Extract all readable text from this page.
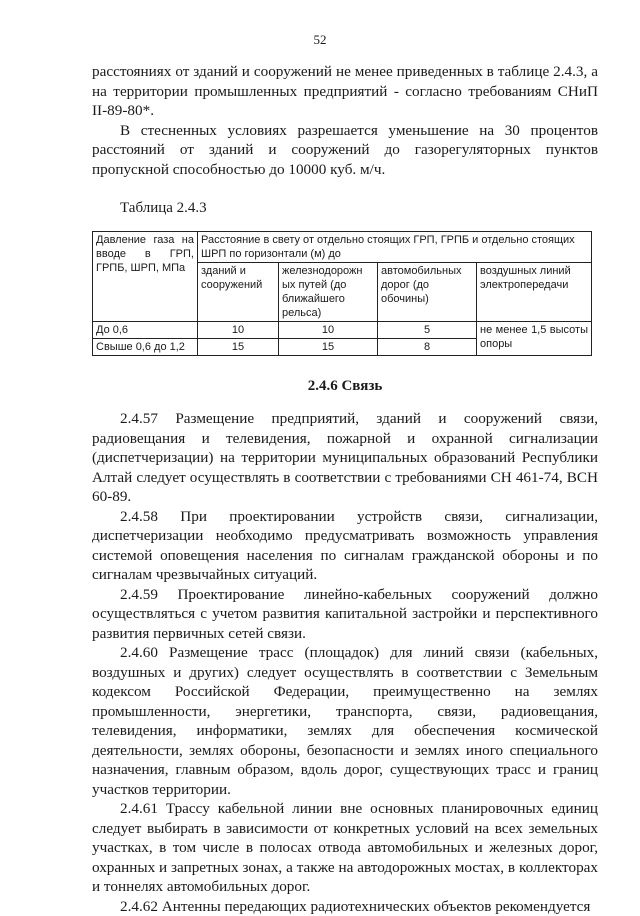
52

расстояниях от зданий и сооружений не менее приведенных в таблице 2.4.3, а на территории промышленных предприятий - согласно требованиям СНиП II-89-80*.

В стесненных условиях разрешается уменьшение на 30 процентов расстояний от зданий и сооружений до газорегуляторных пунктов пропускной способностью до 10000 куб. м/ч.

Таблица 2.4.3
Давление газа на вводе в ГРП, ГРПБ, ШРП, МПа	Расстояние в свету от отдельно стоящих ГРП, ГРПБ и отдельно стоящих ШРП по горизонтали (м) до			
	зданий и сооружений	железнодорожн ых путей (до ближайшего рельса)	автомобильных дорог (до обочины)	воздушных линий электропередачи
До 0,6	10	10	5	не менее 1,5 высоты опоры
Свыше 0,6 до 1,2	15	15	8	
2.4.6 Связь

2.4.57 Размещение предприятий, зданий и сооружений связи, радиовещания и телевидения, пожарной и охранной сигнализации (диспетчеризации) на территории муниципальных образований Республики Алтай следует осуществлять в соответствии с требованиями СН 461-74, ВСН 60-89.

2.4.58 При проектировании устройств связи, сигнализации, диспетчеризации необходимо предусматривать возможность управления системой оповещения населения по сигналам гражданской обороны и по сигналам чрезвычайных ситуаций.

2.4.59 Проектирование линейно-кабельных сооружений должно осуществляться с учетом развития капитальной застройки и перспективного развития первичных сетей связи.

2.4.60 Размещение трасс (площадок) для линий связи (кабельных, воздушных и других) следует осуществлять в соответствии с Земельным кодексом Российской Федерации, преимущественно на землях промышленности, энергетики, транспорта, связи, радиовещания, телевидения, информатики, землях для обеспечения космической деятельности, землях обороны, безопасности и землях иного специального назначения, главным образом, вдоль дорог, существующих трасс и границ участков территории.

2.4.61 Трассу кабельной линии вне основных планировочных единиц следует выбирать в зависимости от конкретных условий на всех земельных участках, в том числе в полосах отвода автомобильных и железных дорог, охранных и запретных зонах, а также на автодорожных мостах, в коллекторах и тоннелях автомобильных дорог.

2.4.62 Антенны передающих радиотехнических объектов рекомендуется
